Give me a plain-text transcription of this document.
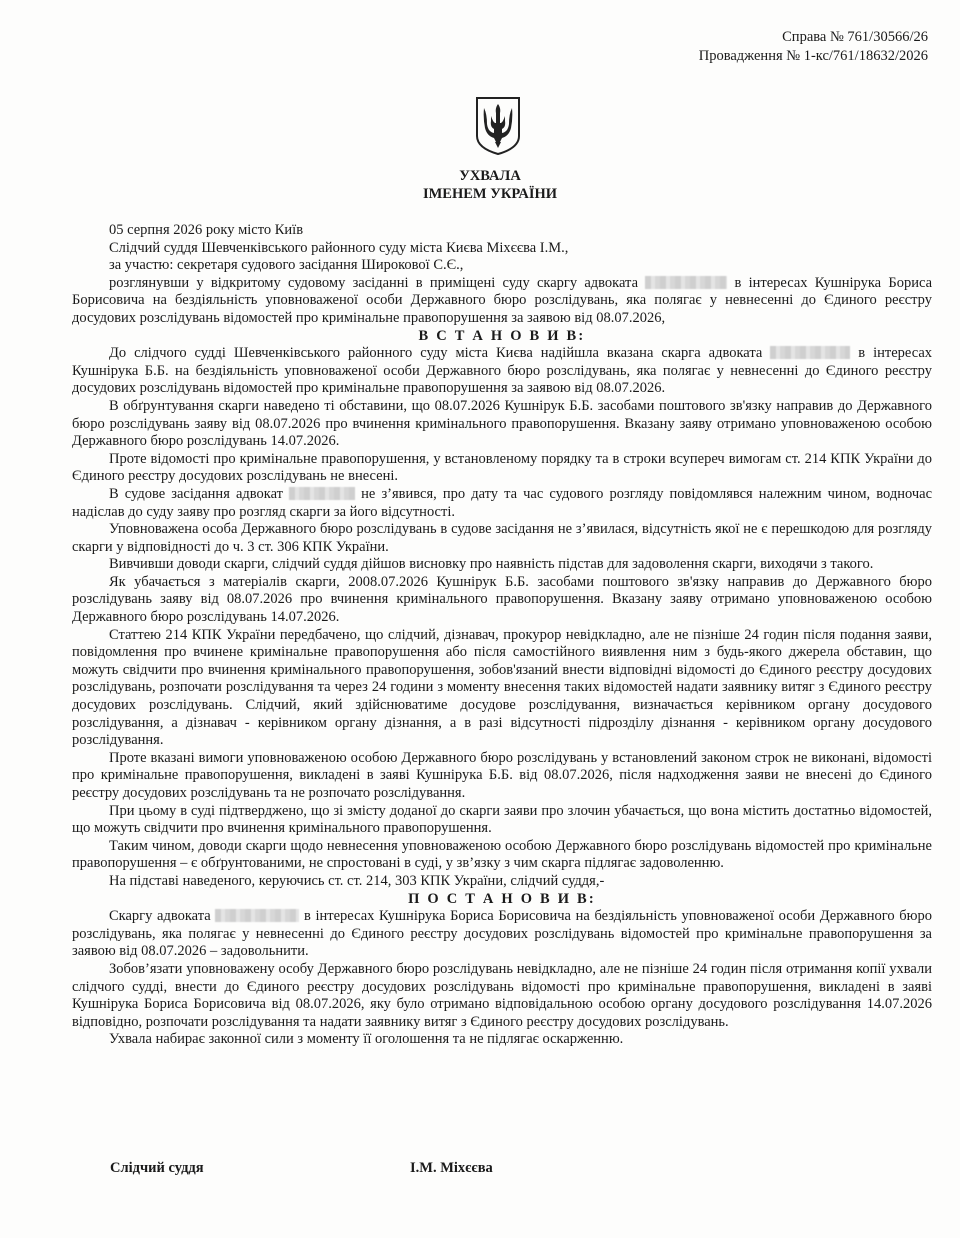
Справа № 761/30566/26
Провадження № 1-кс/761/18632/2026
УХВАЛА
ІМЕНЕМ УКРАЇНИ
05 серпня 2026 року місто Київ
Слідчий суддя Шевченківського районного суду міста Києва Міхєєва І.М.,
за участю: секретаря судового засідання Широкової С.Є.,
розглянувши у відкритому судовому засіданні в приміщені суду скаргу адвоката	в інтересах Кушнірука Бориса Борисовича на бездіяльність уповноваженої особи Державного бюро розслідувань, яка полягає у невнесенні до Єдиного реєстру досудових розслідувань відомостей про кримінальне правопорушення за заявою від 08.07.2026,
В С Т А Н О В И В:
До слідчого судді Шевченківського районного суду міста Києва надійшла вказана скарга адвоката	в інтересах Кушнірука Б.Б. на бездіяльність уповноваженої особи Державного бюро розслідувань, яка полягає у невнесенні до Єдиного реєстру досудових розслідувань відомостей про кримінальне правопорушення за заявою від 08.07.2026.
В обґрунтування скарги наведено ті обставини, що 08.07.2026 Кушнірук Б.Б. засобами поштового зв'язку направив до Державного бюро розслідувань заяву від 08.07.2026 про вчинення кримінального правопорушення. Вказану заяву отримано уповноваженою особою Державного бюро розслідувань 14.07.2026.
Проте відомості про кримінальне правопорушення, у встановленому порядку та в строки всупереч вимогам ст. 214 КПК України до Єдиного реєстру досудових розслідувань не внесені.
В судове засідання адвокат	не з’явився, про дату та час судового розгляду повідомлявся належним чином, водночас надіслав до суду заяву про розгляд скарги за його відсутності.
Уповноважена особа Державного бюро розслідувань в судове засідання не з’явилася, відсутність якої не є перешкодою для розгляду скарги у відповідності до ч. 3 ст. 306 КПК України.
Вивчивши доводи скарги, слідчий суддя дійшов висновку про наявність підстав для задоволення скарги, виходячи з такого.
Як убачається з матеріалів скарги, 2008.07.2026 Кушнірук Б.Б. засобами поштового зв'язку направив до Державного бюро розслідувань заяву від 08.07.2026 про вчинення кримінального правопорушення. Вказану заяву отримано уповноваженою особою Державного бюро розслідувань 14.07.2026.
Статтею 214 КПК України передбачено, що слідчий, дізнавач, прокурор невідкладно, але не пізніше 24 годин після подання заяви, повідомлення про вчинене кримінальне правопорушення або після самостійного виявлення ним з будь-якого джерела обставин, що можуть свідчити про вчинення кримінального правопорушення, зобов'язаний внести відповідні відомості до Єдиного реєстру досудових розслідувань, розпочати розслідування та через 24 години з моменту внесення таких відомостей надати заявнику витяг з Єдиного реєстру досудових розслідувань. Слідчий, який здійснюватиме досудове розслідування, визначається керівником органу досудового розслідування, а дізнавач - керівником органу дізнання, а в разі відсутності підрозділу дізнання - керівником органу досудового розслідування.
Проте вказані вимоги уповноваженою особою Державного бюро розслідувань у встановлений законом строк не виконані, відомості про кримінальне правопорушення, викладені в заяві Кушнірука Б.Б. від 08.07.2026, після надходження заяви не внесені до Єдиного реєстру досудових розслідувань та не розпочато розслідування.
При цьому в суді підтверджено, що зі змісту доданої до скарги заяви про злочин убачається, що вона містить достатньо відомостей, що можуть свідчити про вчинення кримінального правопорушення.
Таким чином, доводи скарги щодо невнесення уповноваженою особою Державного бюро розслідувань відомостей про кримінальне правопорушення – є обґрунтованими, не спростовані в суді, у зв’язку з чим скарга підлягає задоволенню.
На підставі наведеного, керуючись ст. ст. 214, 303 КПК України, слідчий суддя,-
П О С Т А Н О В И В:
Скаргу адвоката	в інтересах Кушнірука Бориса Борисовича на бездіяльність уповноваженої особи Державного бюро розслідувань, яка полягає у невнесенні до Єдиного реєстру досудових розслідувань відомостей про кримінальне правопорушення за заявою від 08.07.2026 – задовольнити.
Зобов’язати уповноважену особу Державного бюро розслідувань невідкладно, але не пізніше 24 годин після отримання копії ухвали слідчого судді, внести до Єдиного реєстру досудових розслідувань відомості про кримінальне правопорушення, викладені в заяві Кушнірука Бориса Борисовича від 08.07.2026, яку було отримано відповідальною особою органу досудового розслідування 14.07.2026 відповідно, розпочати розслідування та надати заявнику витяг з Єдиного реєстру досудових розслідувань.
Ухвала набирає законної сили з моменту її оголошення та не підлягає оскарженню.
Слідчий суддя	І.М. Міхєєва
